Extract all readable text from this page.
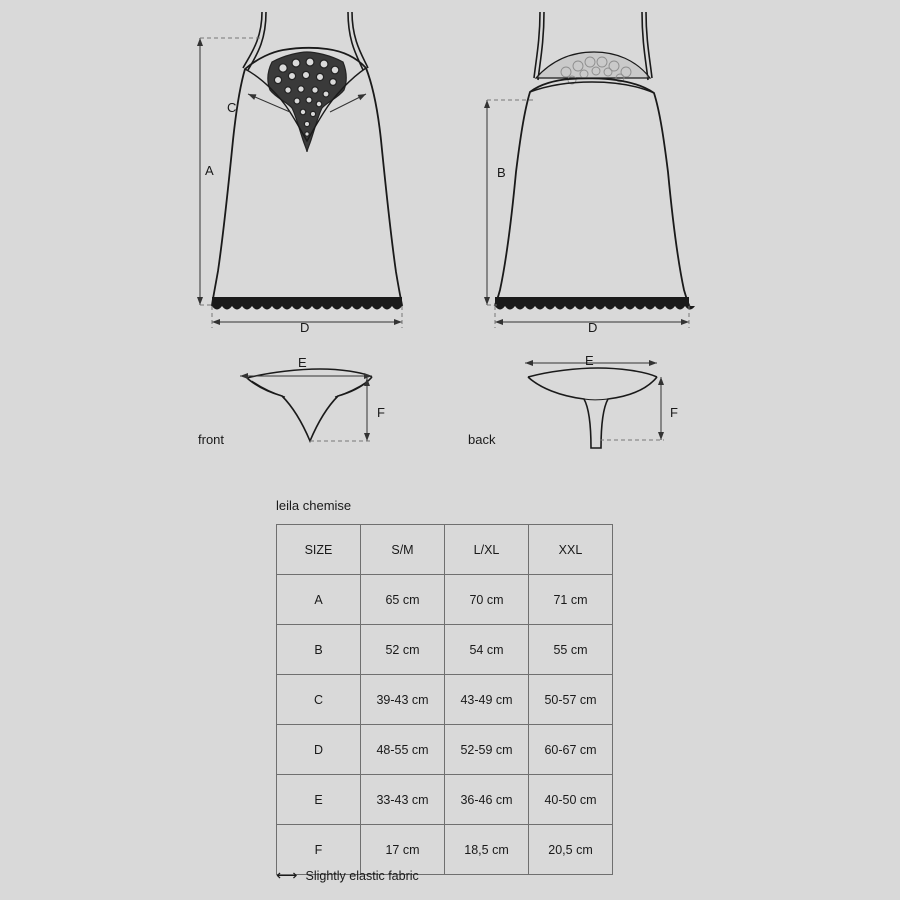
A
C
D
B
D
E
F
E
F
front	back
leila chemise
SIZE	S/M	L/XL	XXL
A	65 cm	70 cm	71 cm
B	52 cm	54 cm	55 cm
C	39-43 cm	43-49 cm	50-57 cm
D	48-55 cm	52-59 cm	60-67 cm
E	33-43 cm	36-46 cm	40-50 cm
F	17 cm	18,5 cm	20,5 cm
⟷ Slightly elastic fabric
